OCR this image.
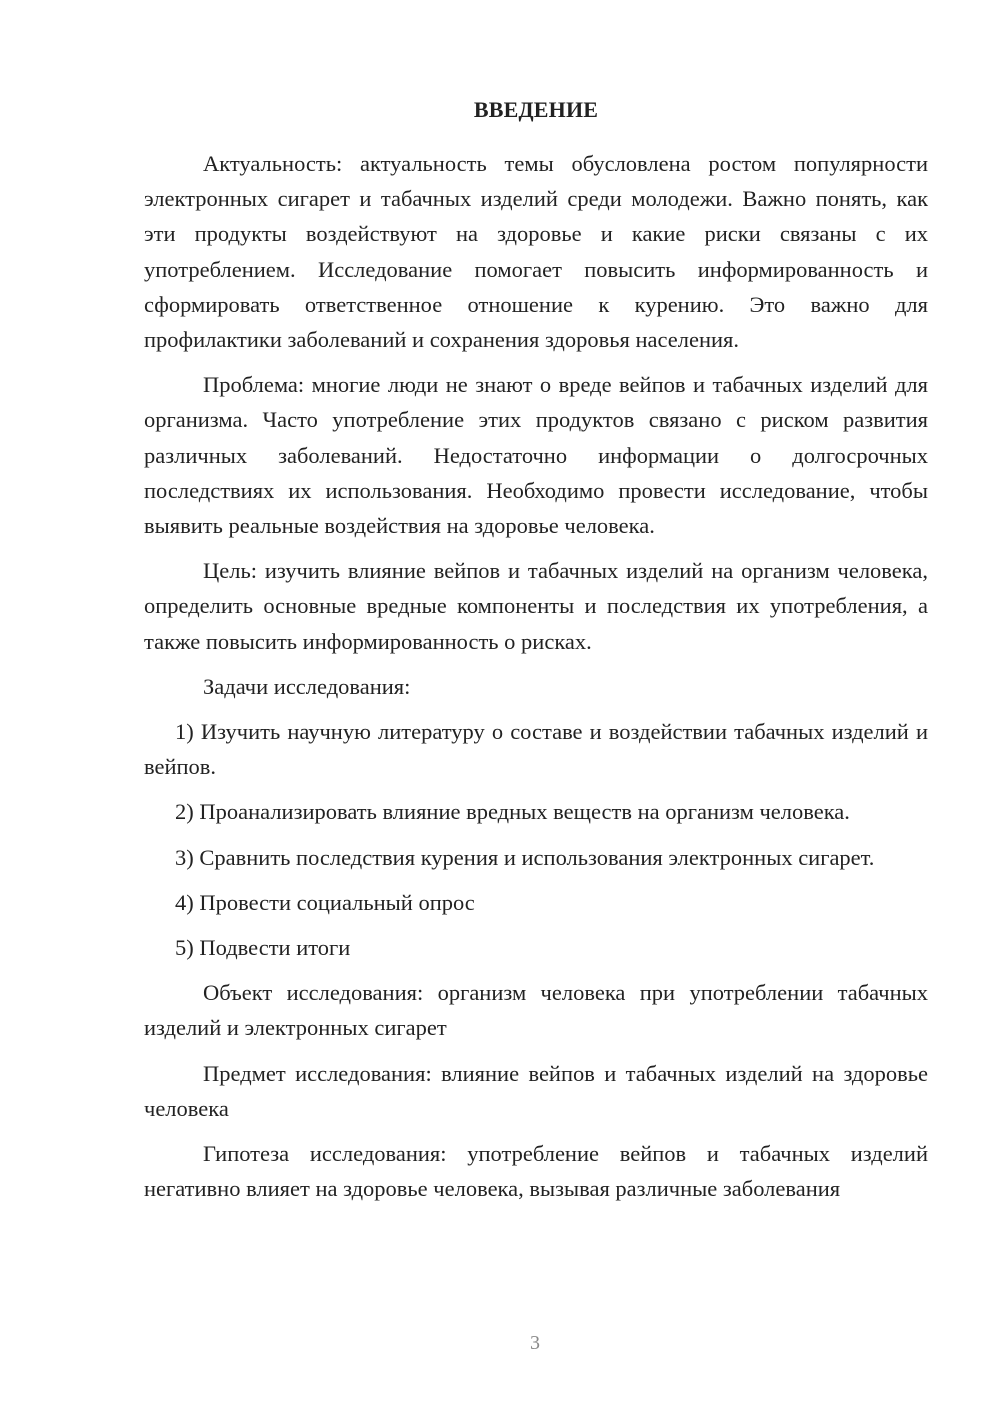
ВВЕДЕНИЕ

Актуальность: актуальность темы обусловлена ростом популярности электронных сигарет и табачных изделий среди молодежи. Важно понять, как эти продукты воздействуют на здоровье и какие риски связаны с их употреблением. Исследование помогает повысить информированность и сформировать ответственное отношение к курению. Это важно для профилактики заболеваний и сохранения здоровья населения.

Проблема: многие люди не знают о вреде вейпов и табачных изделий для организма. Часто употребление этих продуктов связано с риском развития различных заболеваний. Недостаточно информации о долгосрочных последствиях их использования. Необходимо провести исследование, чтобы выявить реальные воздействия на здоровье человека.

Цель: изучить влияние вейпов и табачных изделий на организм человека, определить основные вредные компоненты и последствия их употребления, а также повысить информированность о рисках.

Задачи исследования:

1) Изучить научную литературу о составе и воздействии табачных изделий и вейпов.

2) Проанализировать влияние вредных веществ на организм человека.

3) Сравнить последствия курения и использования электронных сигарет.

4) Провести социальный опрос

5) Подвести итоги

Объект исследования: организм человека при употреблении табачных изделий и электронных сигарет

Предмет исследования: влияние вейпов и табачных изделий на здоровье человека

Гипотеза исследования: употребление вейпов и табачных изделий негативно влияет на здоровье человека, вызывая различные заболевания

3
